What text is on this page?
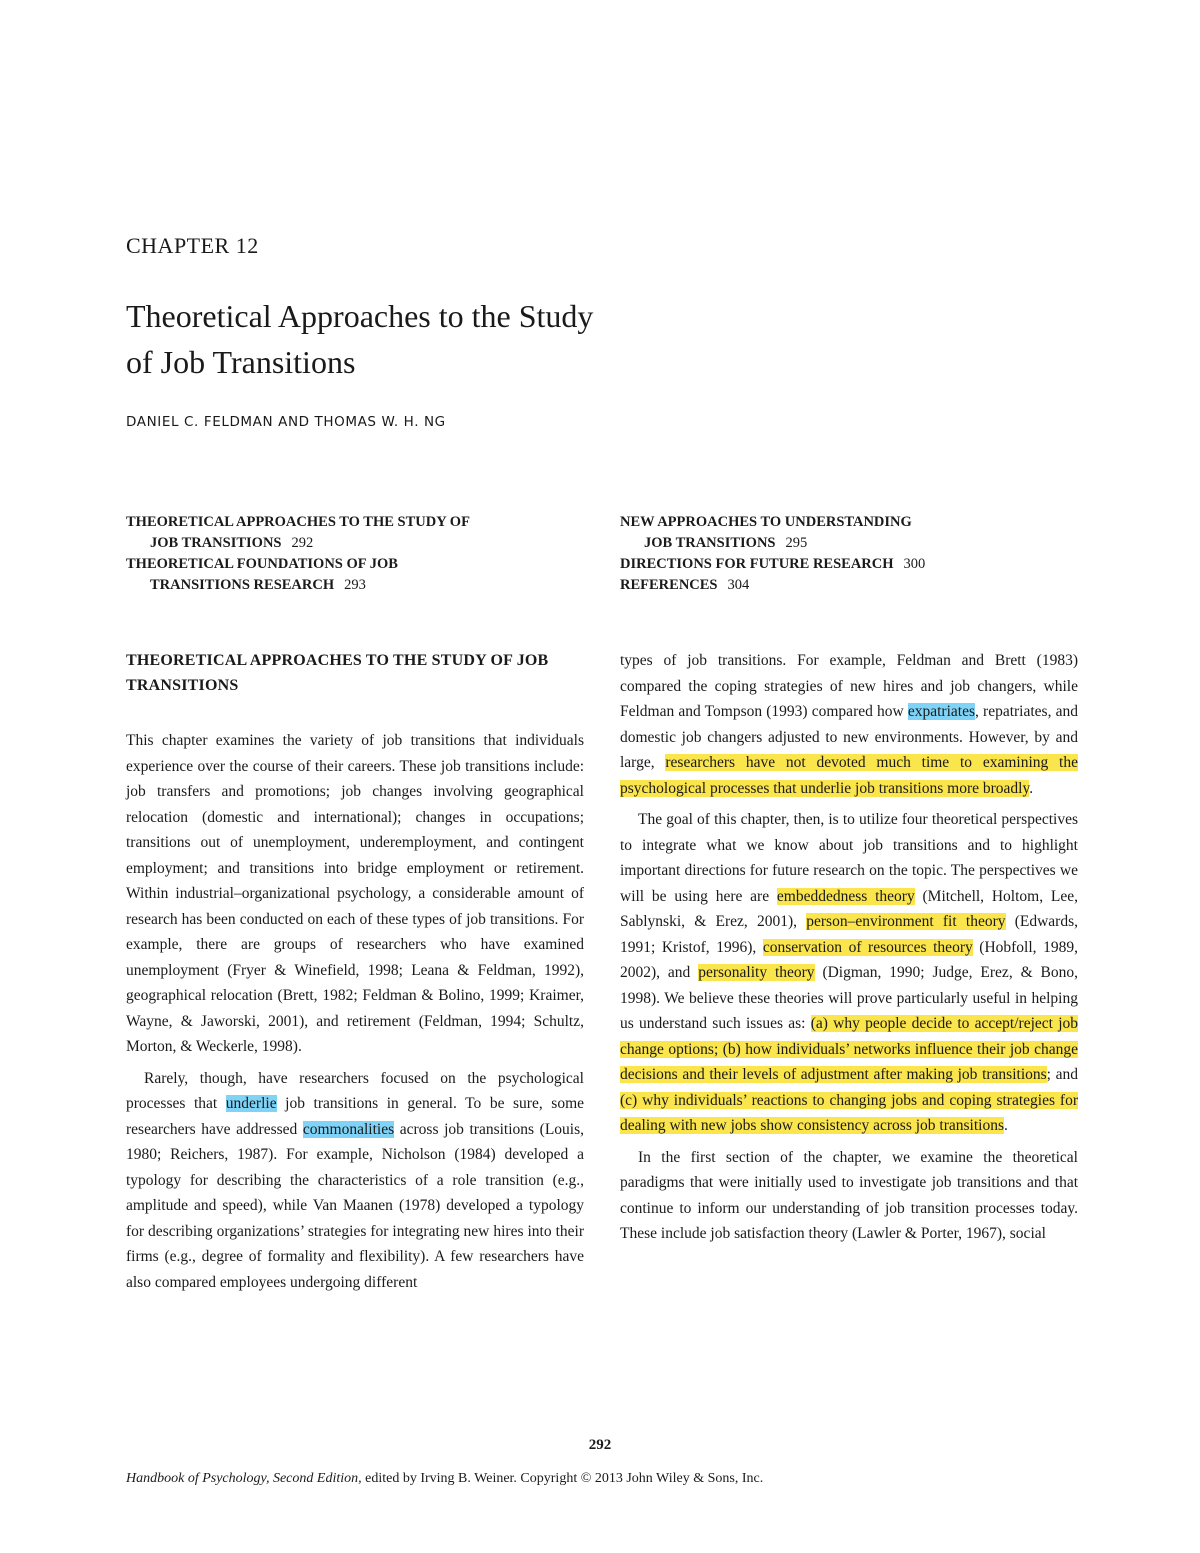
CHAPTER 12
Theoretical Approaches to the Study
of Job Transitions
DANIEL C. FELDMAN AND THOMAS W. H. NG
THEORETICAL APPROACHES TO THE STUDY OF
JOB TRANSITIONS 292
THEORETICAL FOUNDATIONS OF JOB
TRANSITIONS RESEARCH 293
NEW APPROACHES TO UNDERSTANDING
JOB TRANSITIONS 295
DIRECTIONS FOR FUTURE RESEARCH 300
REFERENCES 304

THEORETICAL APPROACHES TO THE STUDY OF JOB TRANSITIONS

This chapter examines the variety of job transitions that individuals experience over the course of their careers. These job transitions include: job transfers and promotions; job changes involving geographical relocation (domestic and international); changes in occupations; transitions out of unemployment, underemployment, and contingent employment; and transitions into bridge employment or retirement. Within industrial–organizational psychology, a considerable amount of research has been conducted on each of these types of job transitions. For example, there are groups of researchers who have examined unemployment (Fryer & Winefield, 1998; Leana & Feldman, 1992), geographical relocation (Brett, 1982; Feldman & Bolino, 1999; Kraimer, Wayne, & Jaworski, 2001), and retirement (Feldman, 1994; Schultz, Morton, & Weckerle, 1998).

Rarely, though, have researchers focused on the psychological processes that underlie job transitions in general. To be sure, some researchers have addressed commonalities across job transitions (Louis, 1980; Reichers, 1987). For example, Nicholson (1984) developed a typology for describing the characteristics of a role transition (e.g., amplitude and speed), while Van Maanen (1978) developed a typology for describing organizations’ strategies for integrating new hires into their firms (e.g., degree of formality and flexibility). A few researchers have also compared employees undergoing different

types of job transitions. For example, Feldman and Brett (1983) compared the coping strategies of new hires and job changers, while Feldman and Tompson (1993) compared how expatriates, repatriates, and domestic job changers adjusted to new environments. However, by and large, researchers have not devoted much time to examining the psychological processes that underlie job transitions more broadly.

The goal of this chapter, then, is to utilize four theoretical perspectives to integrate what we know about job transitions and to highlight important directions for future research on the topic. The perspectives we will be using here are embeddedness theory (Mitchell, Holtom, Lee, Sablynski, & Erez, 2001), person–environment fit theory (Edwards, 1991; Kristof, 1996), conservation of resources theory (Hobfoll, 1989, 2002), and personality theory (Digman, 1990; Judge, Erez, & Bono, 1998). We believe these theories will prove particularly useful in helping us understand such issues as: (a) why people decide to accept/reject job change options; (b) how individuals’ networks influence their job change decisions and their levels of adjustment after making job transitions; and (c) why individuals’ reactions to changing jobs and coping strategies for dealing with new jobs show consistency across job transitions.

In the first section of the chapter, we examine the theoretical paradigms that were initially used to investigate job transitions and that continue to inform our understanding of job transition processes today. These include job satisfaction theory (Lawler & Porter, 1967), social

292
Handbook of Psychology, Second Edition, edited by Irving B. Weiner. Copyright © 2013 John Wiley & Sons, Inc.
